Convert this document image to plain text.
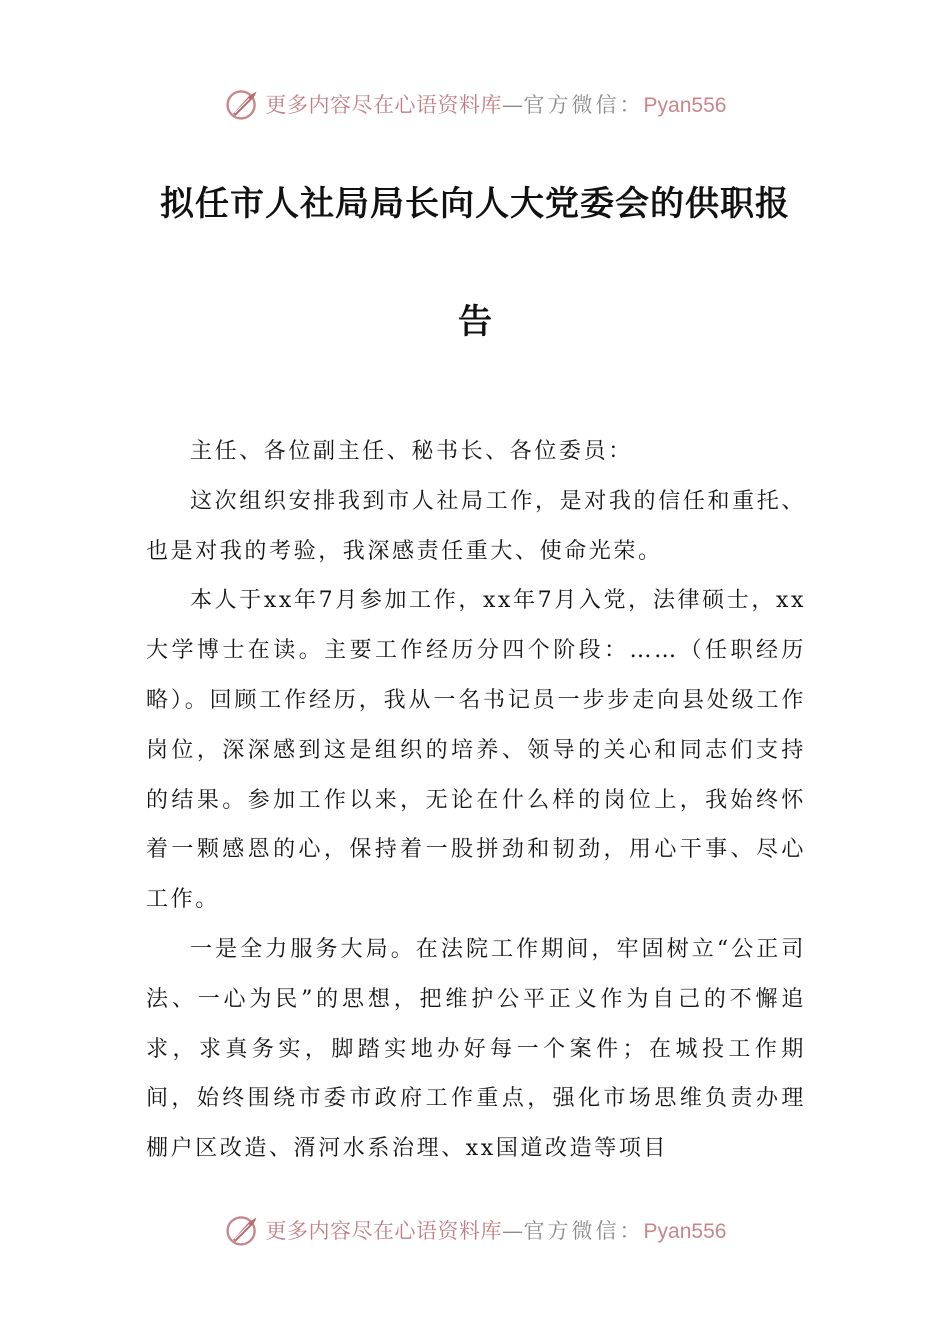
更多内容尽在心语资料库—官方微信：Pyan556
拟任市人社局局长向人大党委会的供职报
告

主任、各位副主任、秘书长、各位委员：

这次组织安排我到市人社局工作，是对我的信任和重托、也是对我的考验，我深感责任重大、使命光荣。

本人于xx年7月参加工作，xx年7月入党，法律硕士，xx大学博士在读。主要工作经历分四个阶段：……（任职经历略）。回顾工作经历，我从一名书记员一步步走向县处级工作岗位，深深感到这是组织的培养、领导的关心和同志们支持的结果。参加工作以来，无论在什么样的岗位上，我始终怀着一颗感恩的心，保持着一股拼劲和韧劲，用心干事、尽心工作。

一是全力服务大局。在法院工作期间，牢固树立“公正司法、一心为民”的思想，把维护公平正义作为自己的不懈追求，求真务实，脚踏实地办好每一个案件；在城投工作期间，始终围绕市委市政府工作重点，强化市场思维负责办理棚户区改造、湑河水系治理、xx国道改造等项目

更多内容尽在心语资料库—官方微信：Pyan556
